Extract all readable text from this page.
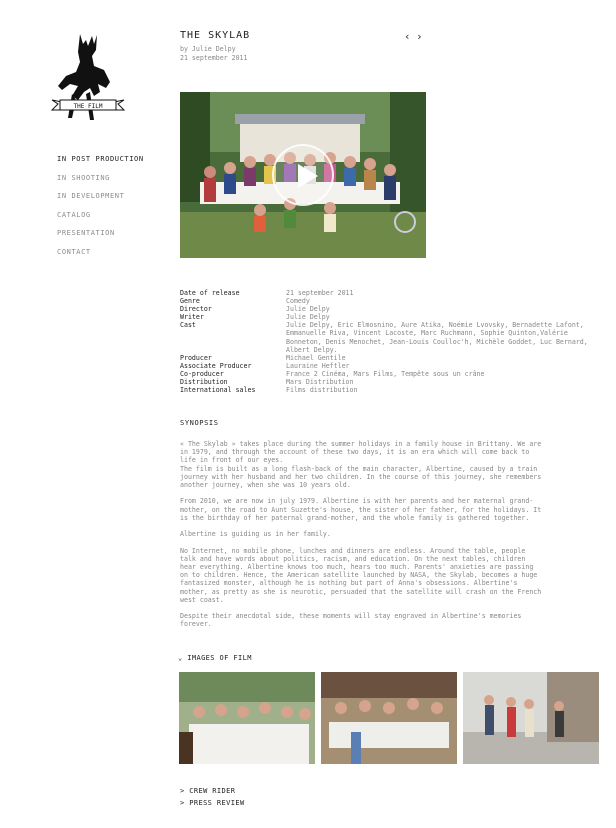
THE FILM
IN POST PRODUCTION
IN SHOOTING
IN DEVELOPMENT
CATALOG
PRESENTATION
CONTACT
THE SKYLAB
by Julie Delpy
21 september 2011
‹ ›
Date of release	21 september 2011
Genre	Comedy
Director	Julie Delpy
Writer	Julie Delpy
Cast	Julie Delpy, Eric Elmosnino, Aure Atika, Noémie Lvovsky, Bernadette Lafont, Emmanuelle Riva, Vincent Lacoste, Marc Ruchmann, Sophie Quinton,Valérie Bonneton, Denis Menochet, Jean-Louis Coulloc'h, Michèle Goddet, Luc Bernard, Albert Delpy.
Producer	Michael Gentile
Associate Producer	Lauraine Heftler
Co-producer	France 2 Cinéma, Mars Films, Tempête sous un crâne
Distribution	Mars Distribution
International sales	Films distribution
SYNOPSIS

« The Skylab » takes place during the summer holidays in a family house in Brittany. We are in 1979, and through the account of these two days, it is an era which will come back to life in front of our eyes.
The film is built as a long flash-back of the main character, Albertine, caused by a train journey with her husband and her two children. In the course of this journey, she remembers another journey, when she was 10 years old.

From 2010, we are now in july 1979. Albertine is with her parents and her maternal grand-mother, on the road to Aunt Suzette's house, the sister of her father, for the holidays. It is the birthday of her paternal grand-mother, and the whole family is gathered together.

Albertine is guiding us in her family.

No Internet, no mobile phone, lunches and dinners are endless. Around the table, people talk and have words about politics, racism, and education. On the next tables, children hear everything. Albertine knows too much, hears too much. Parents' anxieties are passing on to children. Hence, the American satellite launched by NASA, the Skylab, becomes a huge fantasized monster, although he is nothing but part of Anna's obsessions. Albertine's mother, as pretty as she is neurotic, persuaded that the satellite will crash on the French west coast.

Despite their anecdotal side, these moments will stay engraved in Albertine's memories forever.

⌄ IMAGES OF FILM
> CREW RIDER
> PRESS REVIEW
